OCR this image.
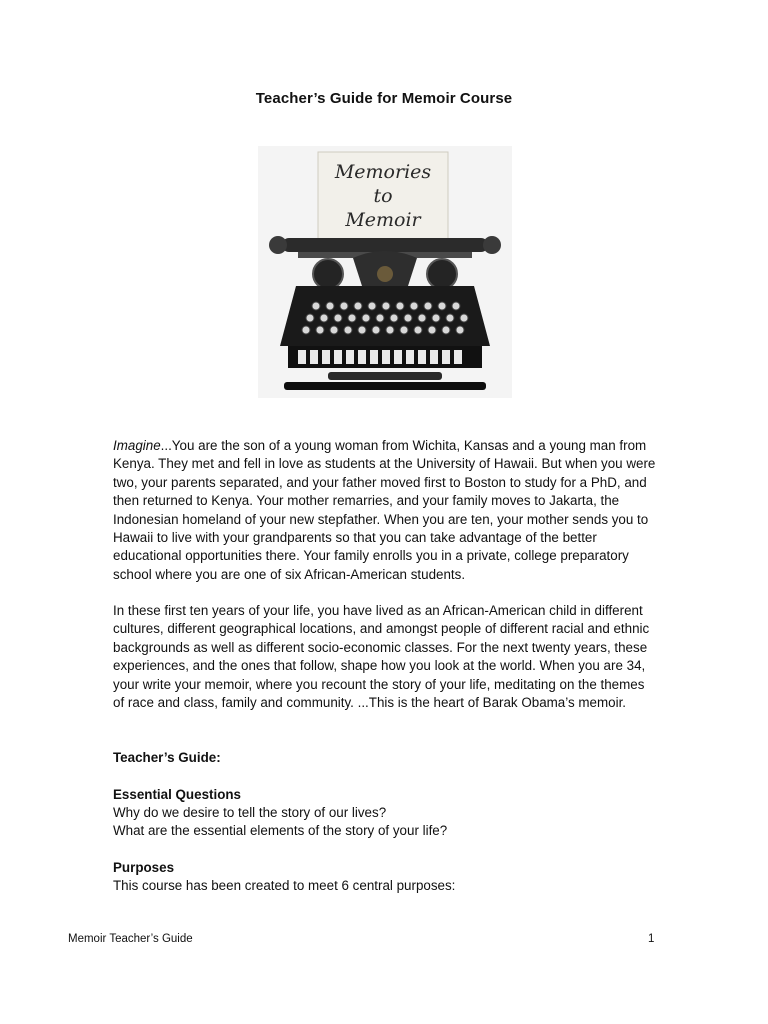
Teacher’s Guide for Memoir Course
Memories
to
Memoir

Imagine...You are the son of a young woman from Wichita, Kansas and a young man from Kenya. They met and fell in love as students at the University of Hawaii. But when you were two, your parents separated, and your father moved first to Boston to study for a PhD, and then returned to Kenya. Your mother remarries, and your family moves to Jakarta, the Indonesian homeland of your new stepfather. When you are ten, your mother sends you to Hawaii to live with your grandparents so that you can take advantage of the better educational opportunities there. Your family enrolls you in a private, college preparatory school where you are one of six African-American students.

In these first ten years of your life, you have lived as an African-American child in different cultures, different geographical locations, and amongst people of different racial and ethnic backgrounds as well as different socio-economic classes. For the next twenty years, these experiences, and the ones that follow, shape how you look at the world. When you are 34, your write your memoir, where you recount the story of your life, meditating on the themes of race and class, family and community. ...This is the heart of Barak Obama’s memoir.

Teacher’s Guide:

Essential Questions

Why do we desire to tell the story of our lives?

What are the essential elements of the story of your life?

Purposes

This course has been created to meet 6 central purposes:

Memoir Teacher’s Guide	1
